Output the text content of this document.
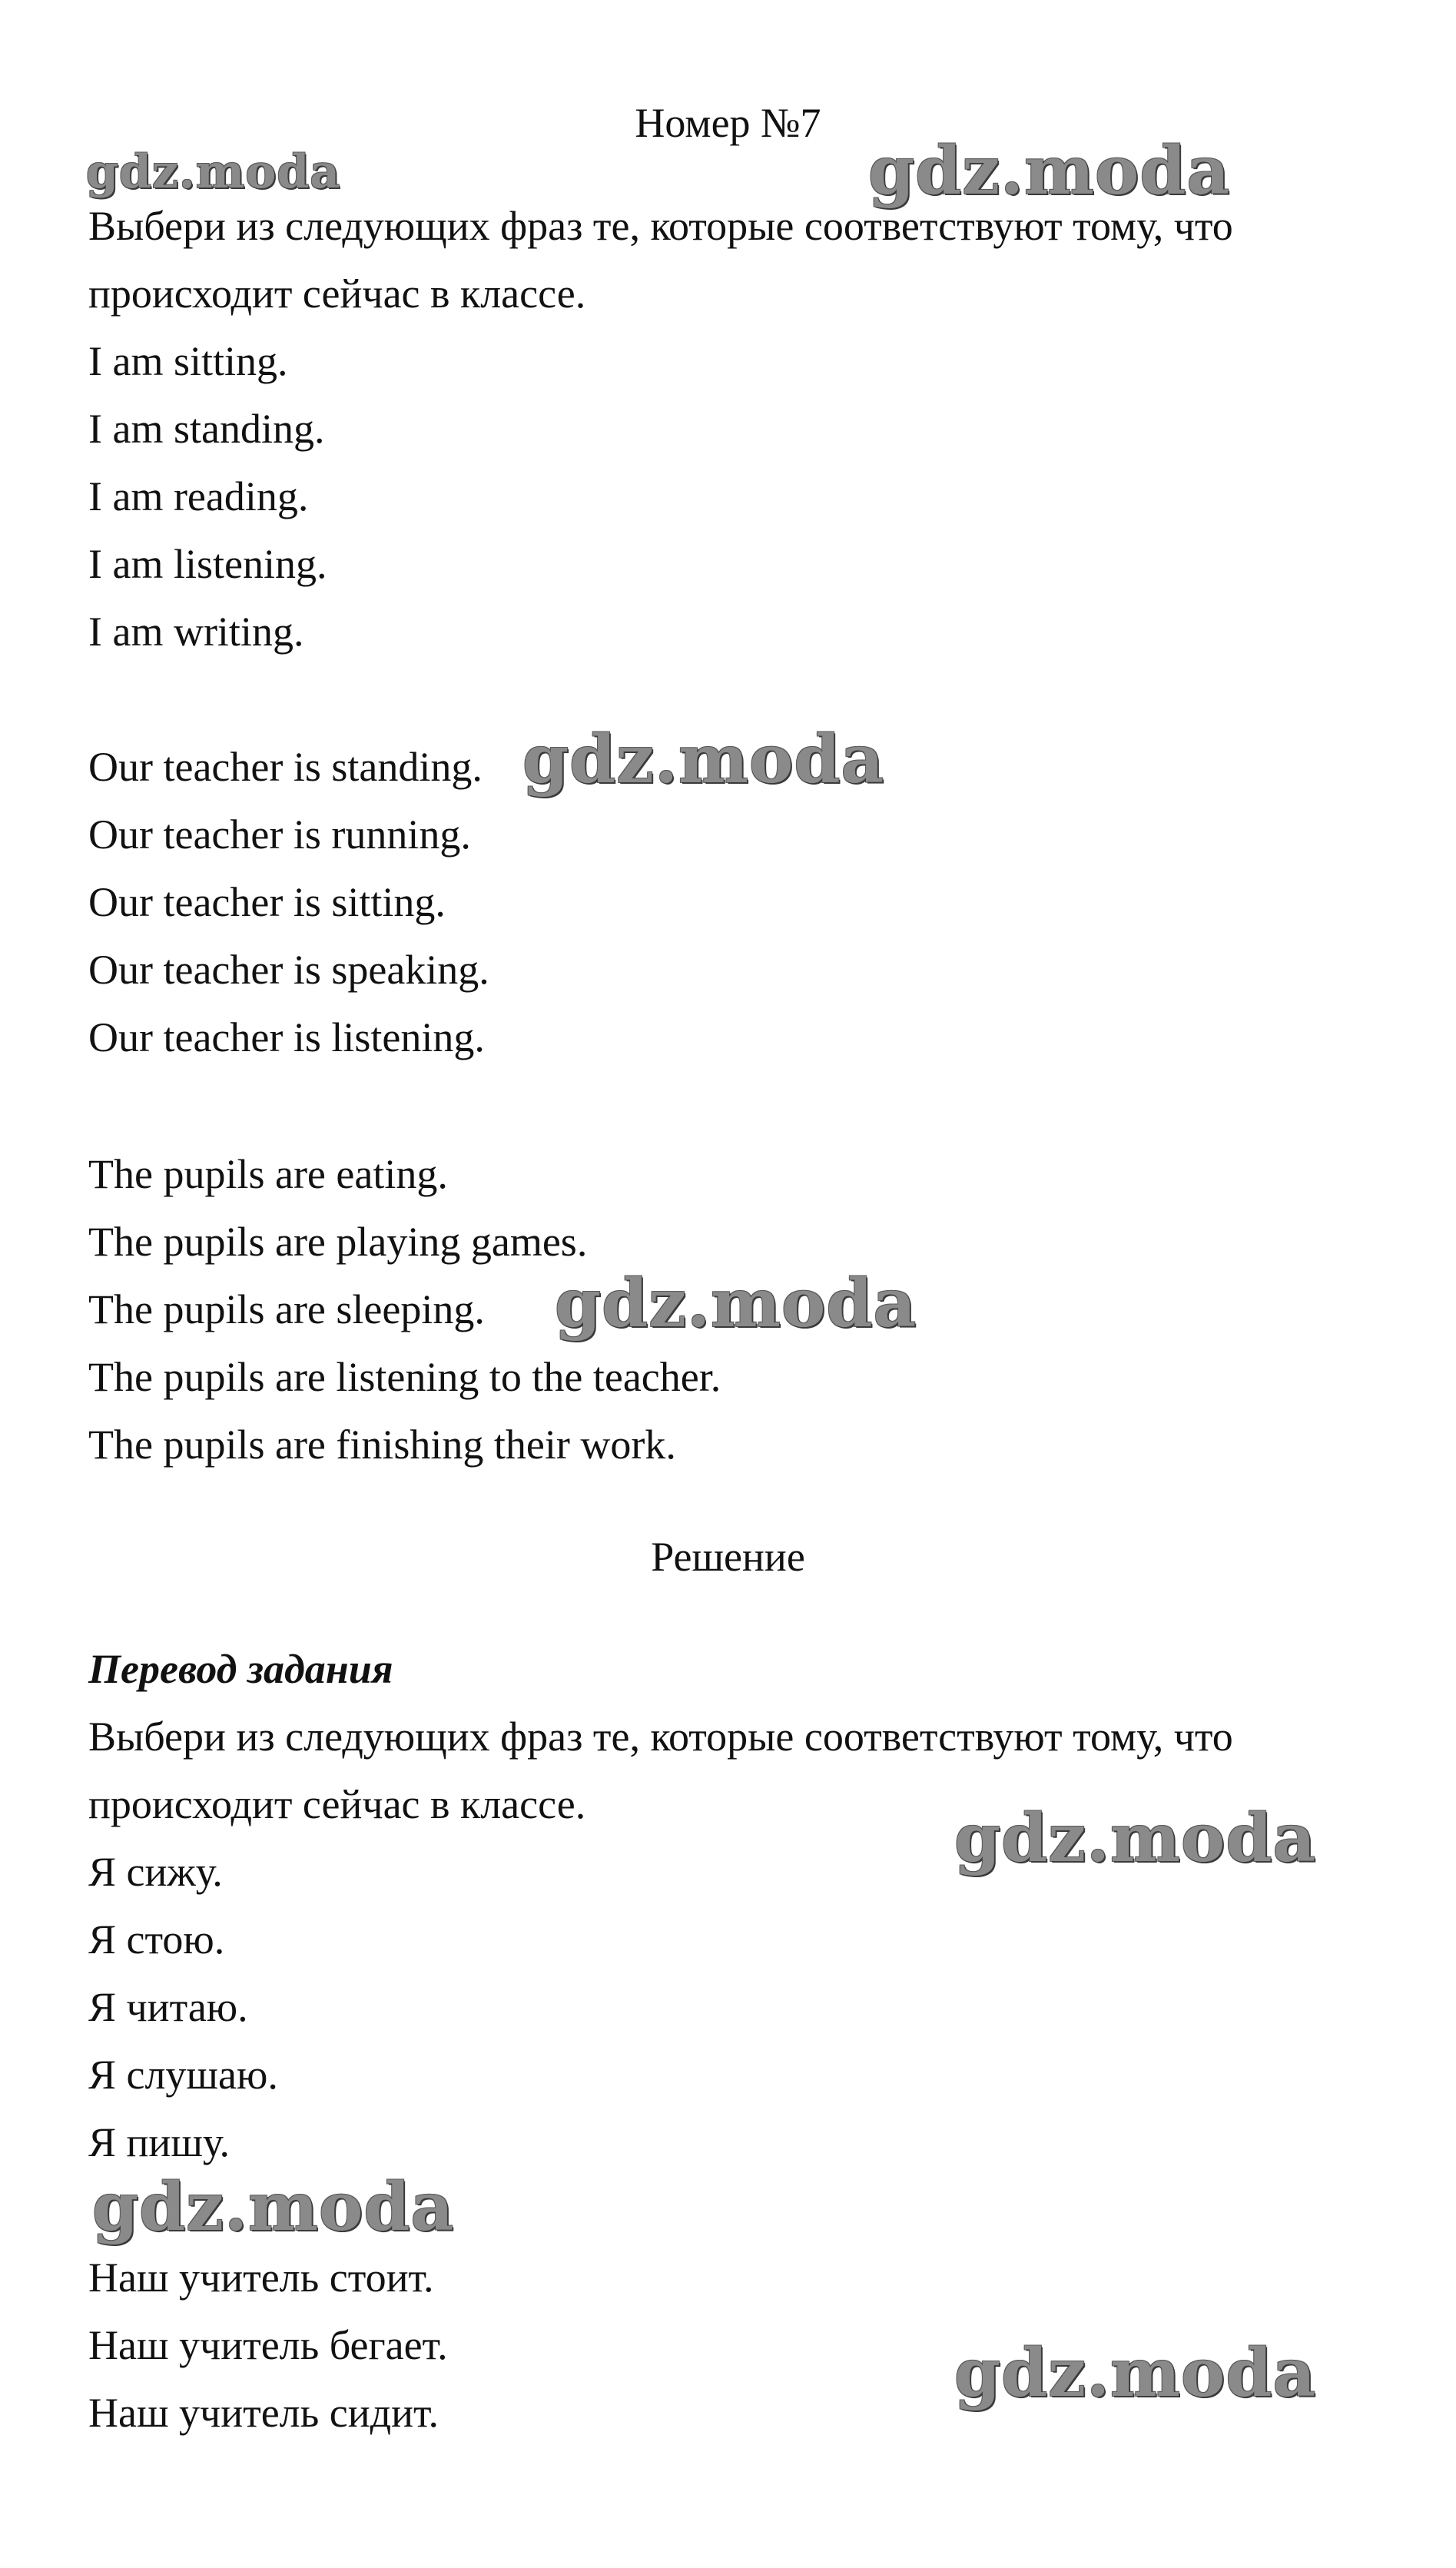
Номер №7

Выбери из следующих фраз те, которые соответствуют тому, что

происходит сейчас в классе.

I am sitting.

I am standing.

I am reading.

I am listening.

I am writing.

Our teacher is standing.

Our teacher is running.

Our teacher is sitting.

Our teacher is speaking.

Our teacher is listening.

The pupils are eating.

The pupils are playing games.

The pupils are sleeping.

The pupils are listening to the teacher.

The pupils are finishing their work.

Решение

Перевод задания

Выбери из следующих фраз те, которые соответствуют тому, что

происходит сейчас в классе.

Я сижу.

Я стою.

Я читаю.

Я слушаю.

Я пишу.

Наш учитель стоит.

Наш учитель бегает.

Наш учитель сидит.

gdz.moda	gdz.moda
gdz.moda
gdz.moda
gdz.moda
gdz.moda
gdz.moda
